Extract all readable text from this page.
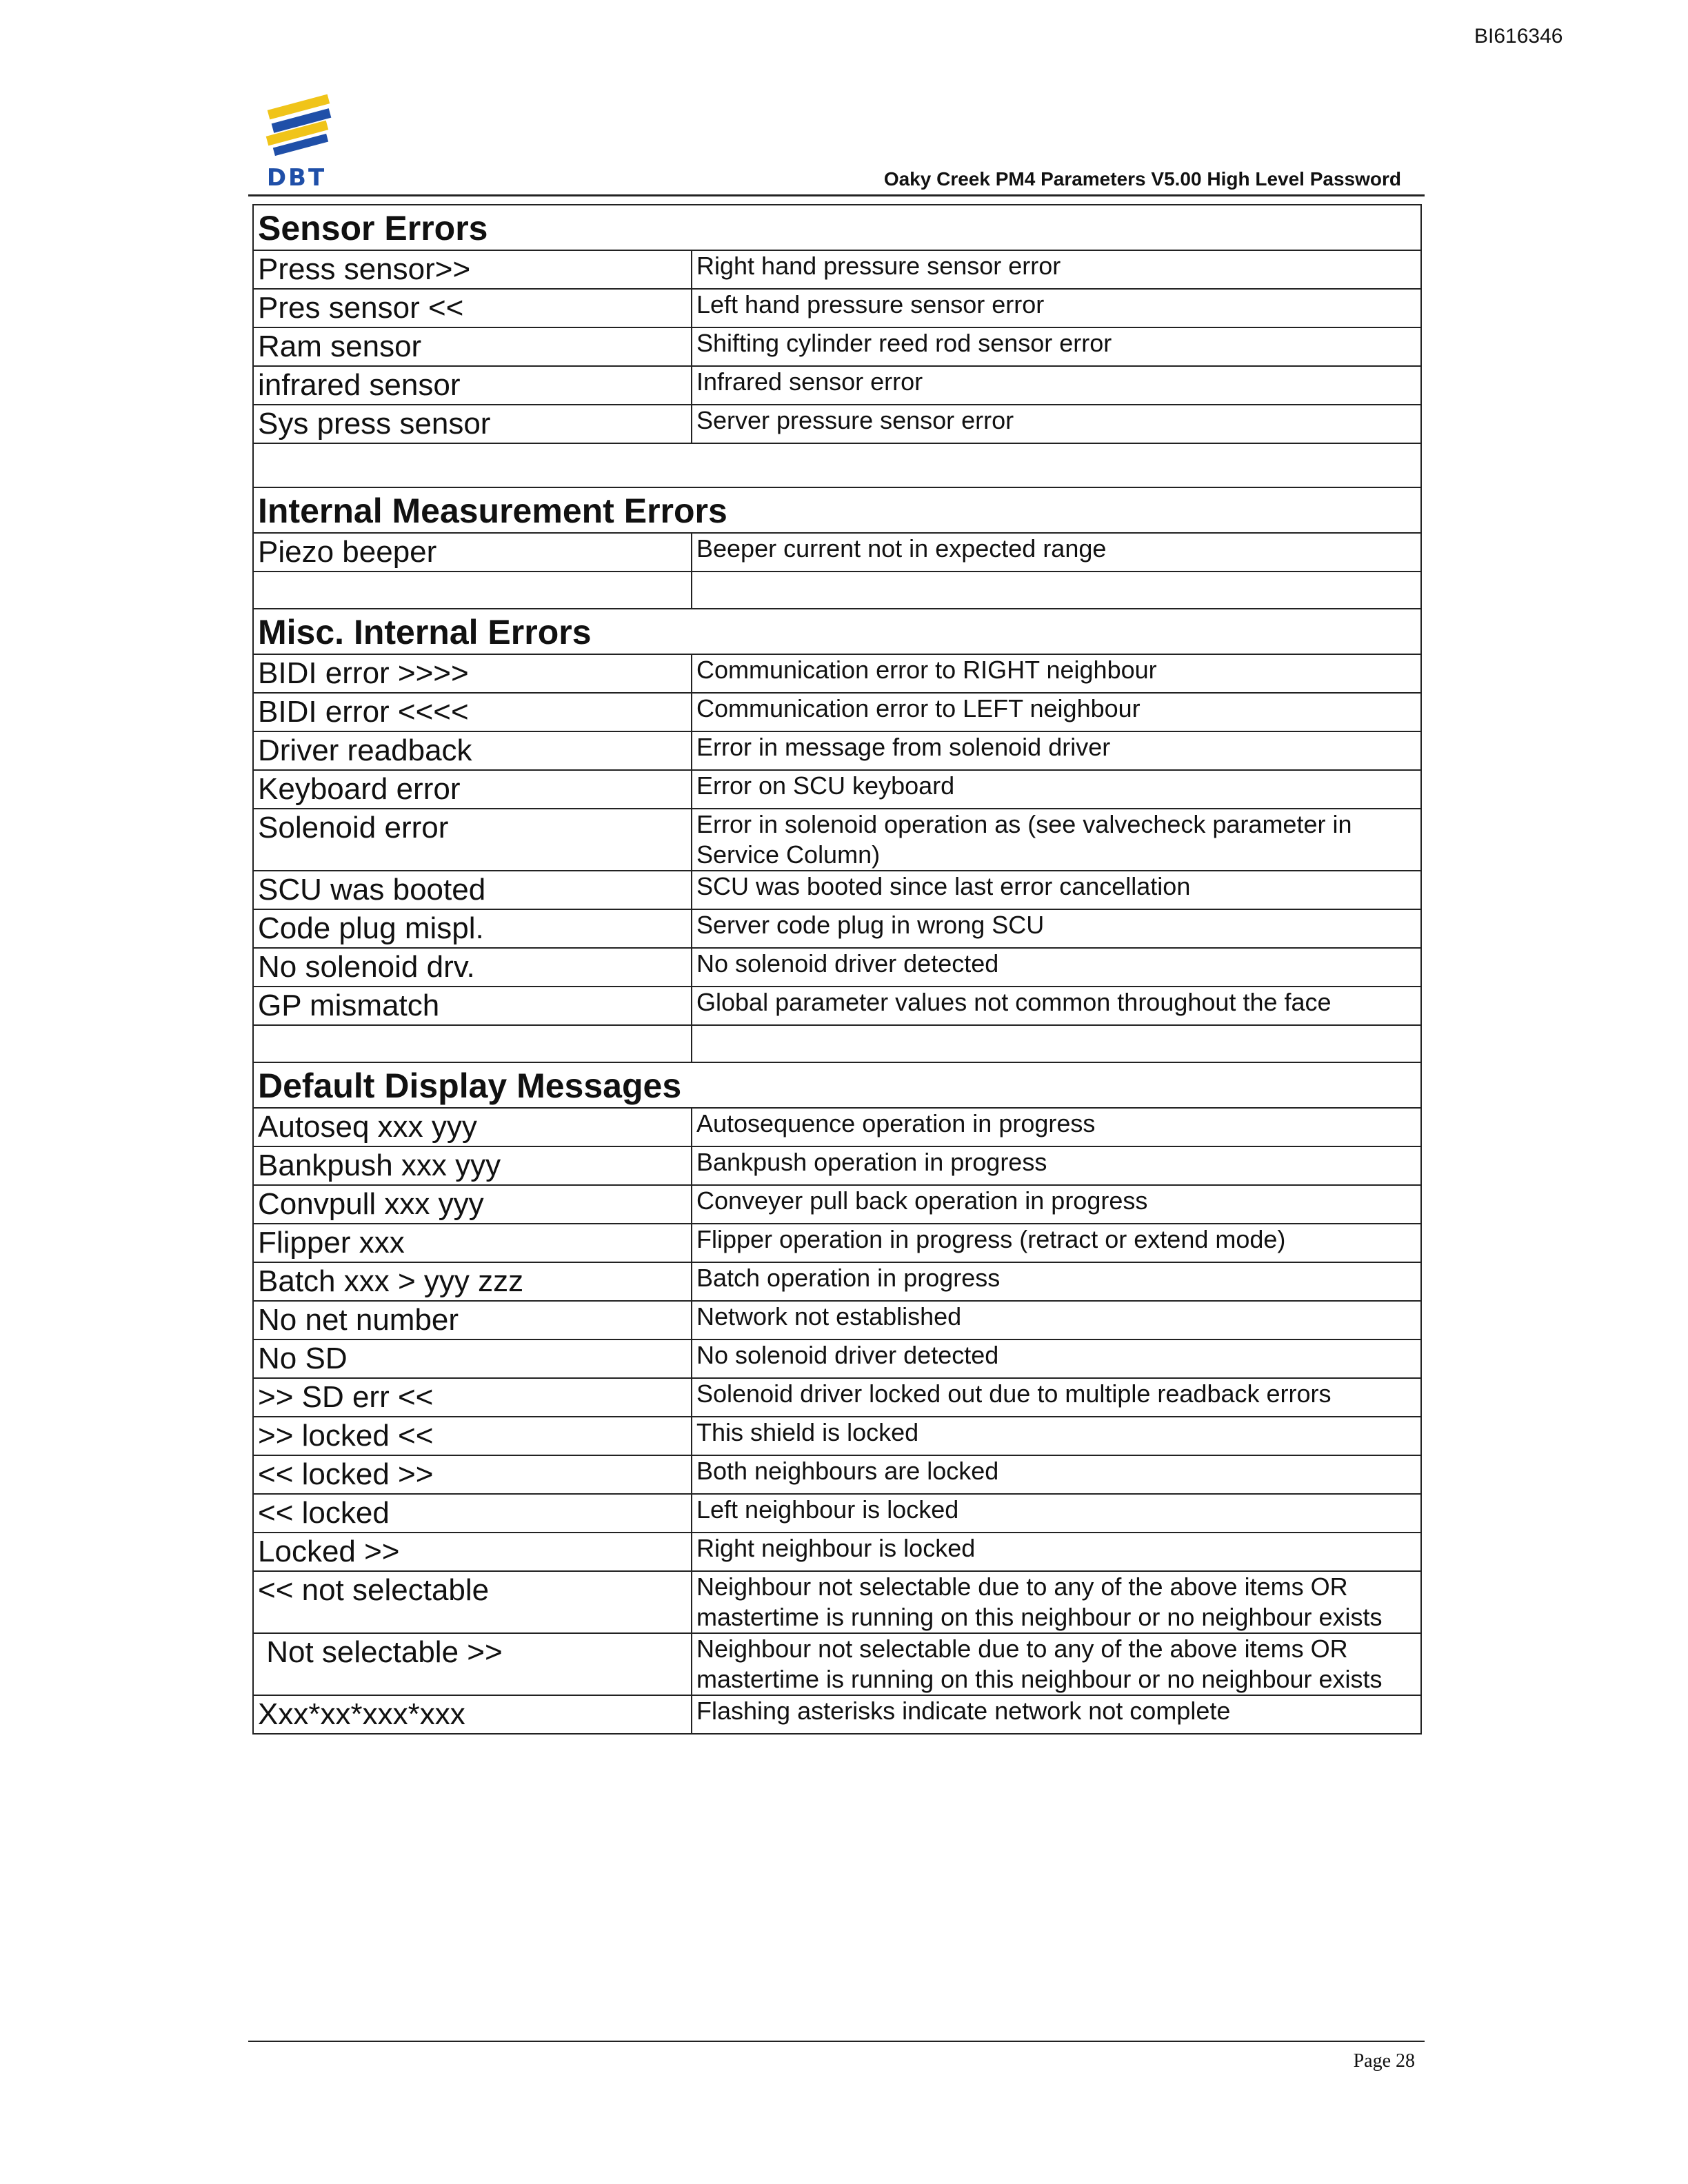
BI616346
DBT	Oaky Creek PM4 Parameters V5.00 High Level Password
Sensor Errors	
Press sensor>>	Right hand pressure sensor error
Pres sensor <<	Left hand pressure sensor error
Ram sensor	Shifting cylinder reed rod sensor error
infrared sensor	Infrared sensor error
Sys press sensor	Server pressure sensor error

Internal Measurement Errors	
Piezo beeper	Beeper current not in expected range

Misc. Internal Errors	
BIDI error >>>>	Communication error to RIGHT neighbour
BIDI error <<<<	Communication error to LEFT neighbour
Driver readback	Error in message from solenoid driver
Keyboard error	Error on SCU keyboard
Solenoid error	Error in solenoid operation as (see valvecheck parameter in Service Column)
SCU was booted	SCU was booted since last error cancellation
Code plug mispl.	Server code plug in wrong SCU
No solenoid drv.	No solenoid driver detected
GP mismatch	Global parameter values not common throughout the face

Default Display Messages	
Autoseq xxx yyy	Autosequence operation in progress
Bankpush xxx yyy	Bankpush operation in progress
Convpull xxx yyy	Conveyer pull back operation in progress
Flipper xxx	Flipper operation in progress (retract or extend mode)
Batch xxx > yyy zzz	Batch operation in progress
No net number	Network not established
No SD	No solenoid driver detected
>> SD err <<	Solenoid driver locked out due to multiple readback errors
>> locked <<	This shield is locked
<< locked >>	Both neighbours are locked
<< locked	Left neighbour is locked
Locked >>	Right neighbour is locked
<< not selectable	Neighbour not selectable due to any of the above items OR mastertime is running on this neighbour or no neighbour exists
Not selectable >>	Neighbour not selectable due to any of the above items OR mastertime is running on this neighbour or no neighbour exists
Xxx*xx*xxx*xxx	Flashing asterisks indicate network not complete
Page 28
